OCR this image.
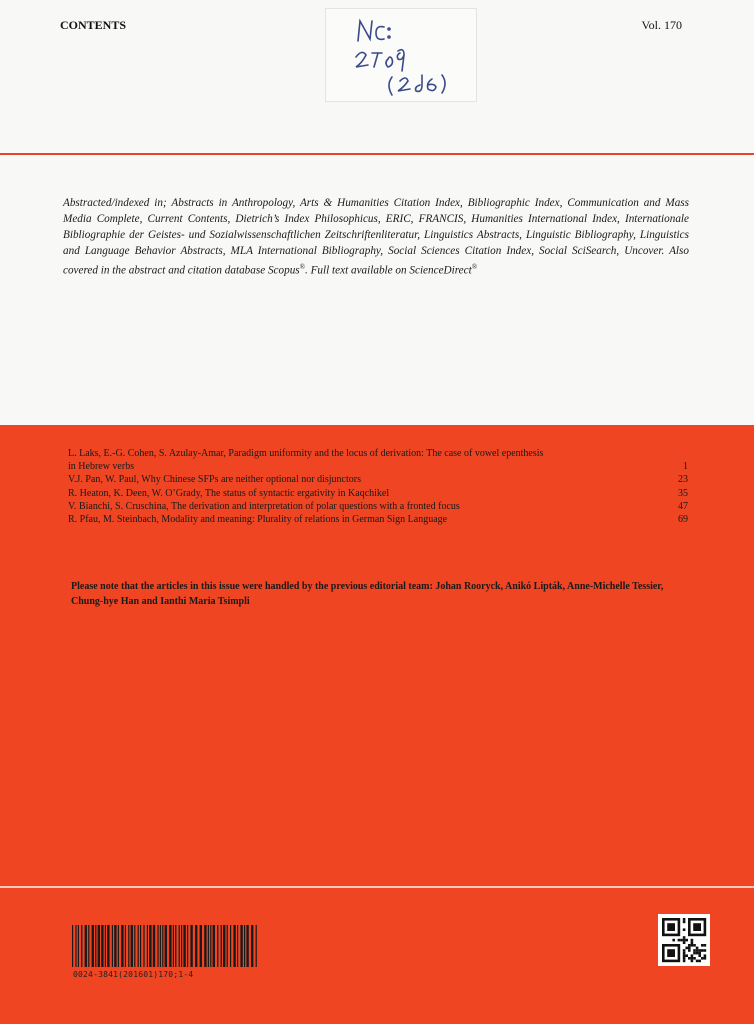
CONTENTS	Vol. 170
Abstracted/indexed in; Abstracts in Anthropology, Arts & Humanities Citation Index, Bibliographic Index, Communication and Mass Media Complete, Current Contents, Dietrich’s Index Philosophicus, ERIC, FRANCIS, Humanities International Index, Internationale Bibliographie der Geistes- und Sozialwissenschaftlichen Zeitschriftenliteratur, Linguistics Abstracts, Linguistic Bibliography, Linguistics and Language Behavior Abstracts, MLA International Bibliography, Social Sciences Citation Index, Social SciSearch, Uncover. Also covered in the abstract and citation database Scopus®. Full text available on ScienceDirect®
L. Laks, E.-G. Cohen, S. Azulay-Amar, Paradigm uniformity and the locus of derivation: The case of vowel epenthesis
in Hebrew verbs	1
V.J. Pan, W. Paul, Why Chinese SFPs are neither optional nor disjunctors	23
R. Heaton, K. Deen, W. O’Grady, The status of syntactic ergativity in Kaqchikel	35
V. Bianchi, S. Cruschina, The derivation and interpretation of polar questions with a fronted focus	47
R. Pfau, M. Steinbach, Modality and meaning: Plurality of relations in German Sign Language	69
Please note that the articles in this issue were handled by the previous editorial team: Johan Rooryck, Anikó Lipták, Anne-Michelle Tessier, Chung-hye Han and Ianthi Maria Tsimpli
0024-3841(201601)170;1-4
